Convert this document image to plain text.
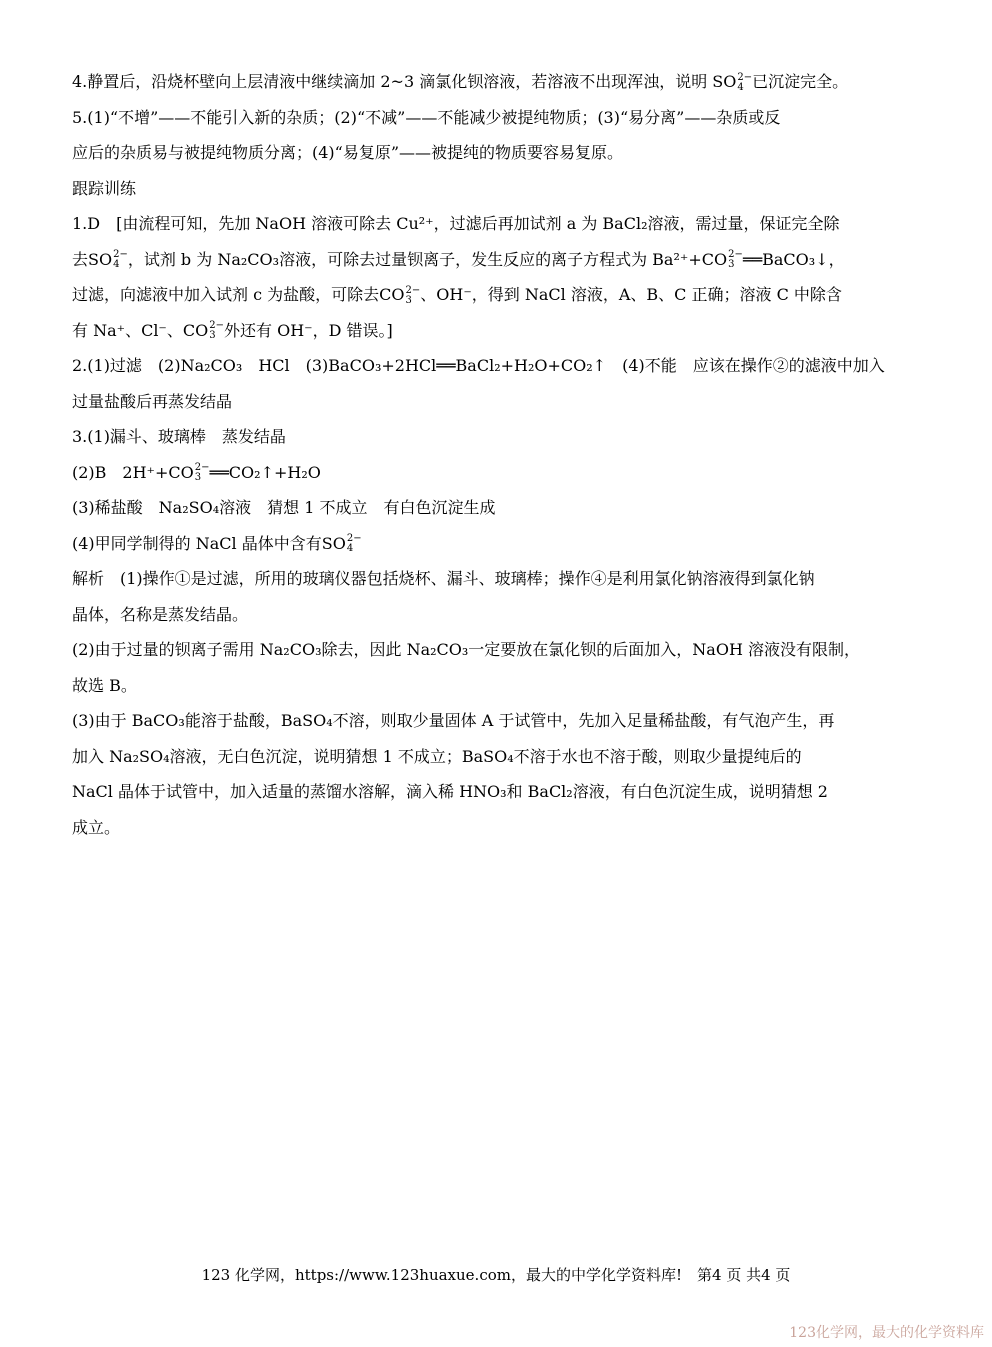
4.静置后，沿烧杯壁向上层清液中继续滴加 2~3 滴氯化钡溶液，若溶液不出现浑浊，说明 SO 2−
4 已沉淀完全。

5.(1)“不增”——不能引入新的杂质；(2)“不减”——不能减少被提纯物质；(3)“易分离”——杂质或反

应后的杂质易与被提纯物质分离；(4)“易复原”——被提纯的物质要容易复原。

跟踪训练

1.D　[由流程可知，先加 NaOH 溶液可除去 Cu²⁺，过滤后再加试剂 a 为 BaCl₂溶液，需过量，保证完全除

去SO 2−
4 ，试剂 b 为 Na₂CO₃溶液，可除去过量钡离子，发生反应的离子方程式为 Ba²⁺+CO 2−
3 ══BaCO₃↓，

过滤，向滤液中加入试剂 c 为盐酸，可除去CO 2−
3 、OH⁻，得到 NaCl 溶液，A、B、C 正确；溶液 C 中除含

有 Na⁺、Cl⁻、CO 2−
3 外还有 OH⁻，D 错误。]

2.(1)过滤　(2)Na₂CO₃　HCl　(3)BaCO₃+2HCl══BaCl₂+H₂O+CO₂↑　(4)不能　应该在操作②的滤液中加入

过量盐酸后再蒸发结晶

3.(1)漏斗、玻璃棒　蒸发结晶

(2)B　2H⁺+CO 2−
3 ══CO₂↑+H₂O

(3)稀盐酸　Na₂SO₄溶液　猜想 1 不成立　有白色沉淀生成

(4)甲同学制得的 NaCl 晶体中含有SO 2−
4

解析　(1)操作①是过滤，所用的玻璃仪器包括烧杯、漏斗、玻璃棒；操作④是利用氯化钠溶液得到氯化钠

晶体，名称是蒸发结晶。

(2)由于过量的钡离子需用 Na₂CO₃除去，因此 Na₂CO₃一定要放在氯化钡的后面加入，NaOH 溶液没有限制，

故选 B。

(3)由于 BaCO₃能溶于盐酸，BaSO₄不溶，则取少量固体 A 于试管中，先加入足量稀盐酸，有气泡产生，再

加入 Na₂SO₄溶液，无白色沉淀，说明猜想 1 不成立；BaSO₄不溶于水也不溶于酸，则取少量提纯后的

NaCl 晶体于试管中，加入适量的蒸馏水溶解，滴入稀 HNO₃和 BaCl₂溶液，有白色沉淀生成，说明猜想 2

成立。

123 化学网，https://www.123huaxue.com，最大的中学化学资料库!　第4 页 共4 页
123化学网，最大的化学资料库
